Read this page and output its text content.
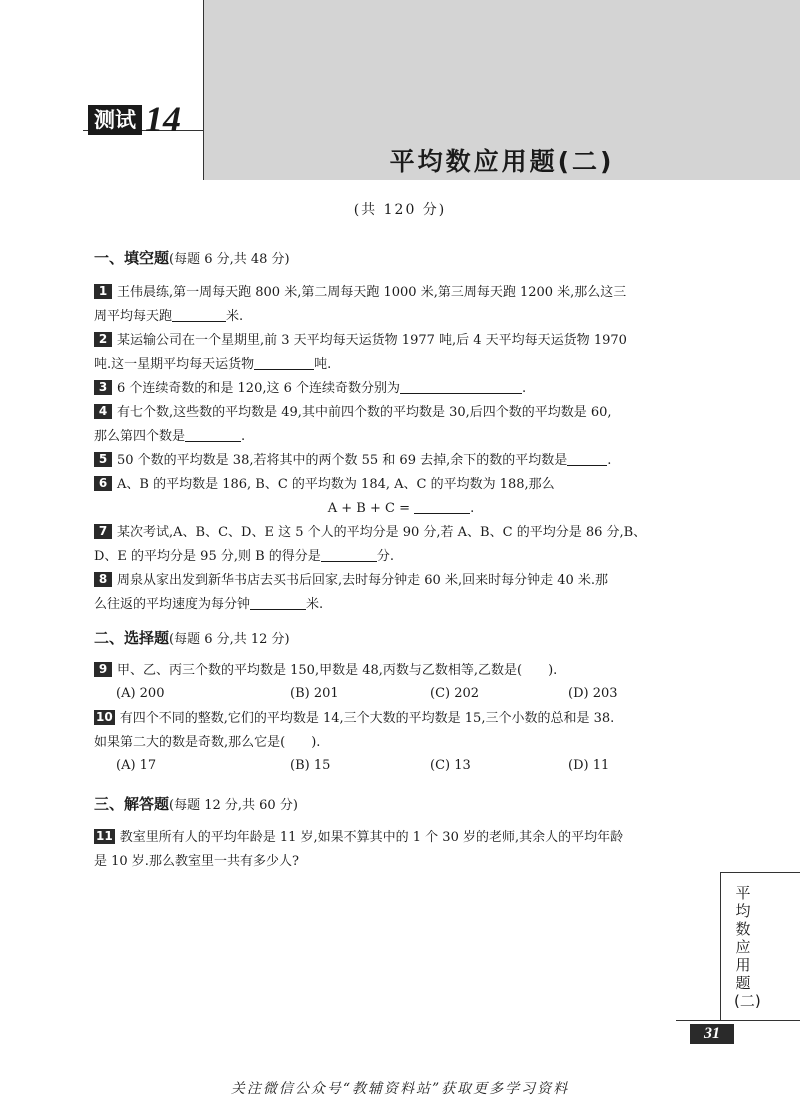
测试 14
平均数应用题(二)
(共 120 分)
一、填空题(每题 6 分,共 48 分)
1 王伟晨练,第一周每天跑 800 米,第二周每天跑 1000 米,第三周每天跑 1200 米,那么这三
周平均每天跑	米.
2 某运输公司在一个星期里,前 3 天平均每天运货物 1977 吨,后 4 天平均每天运货物 1970
吨.这一星期平均每天运货物	吨.
3 6 个连续奇数的和是 120,这 6 个连续奇数分别为	.
4 有七个数,这些数的平均数是 49,其中前四个数的平均数是 30,后四个数的平均数是 60,
那么第四个数是	.
5 50 个数的平均数是 38,若将其中的两个数 55 和 69 去掉,余下的数的平均数是	.
6 A、B 的平均数是 186, B、C 的平均数为 184, A、C 的平均数为 188,那么
A + B + C =	.
7 某次考试,A、B、C、D、E 这 5 个人的平均分是 90 分,若 A、B、C 的平均分是 86 分,B、
D、E 的平均分是 95 分,则 B 的得分是	分.
8 周泉从家出发到新华书店去买书后回家,去时每分钟走 60 米,回来时每分钟走 40 米.那
么往返的平均速度为每分钟	米.
二、选择题(每题 6 分,共 12 分)
9 甲、乙、丙三个数的平均数是 150,甲数是 48,丙数与乙数相等,乙数是(　　).
(A) 200	(B) 201	(C) 202	(D) 203
10 有四个不同的整数,它们的平均数是 14,三个大数的平均数是 15,三个小数的总和是 38.
如果第二大的数是奇数,那么它是(　　).
(A) 17	(B) 15	(C) 13	(D) 11
三、解答题(每题 12 分,共 60 分)
11 教室里所有人的平均年龄是 11 岁,如果不算其中的 1 个 30 岁的老师,其余人的平均年龄
是 10 岁.那么教室里一共有多少人?
平均数应用题(二)
31
关注微信公众号“教辅资料站”获取更多学习资料
